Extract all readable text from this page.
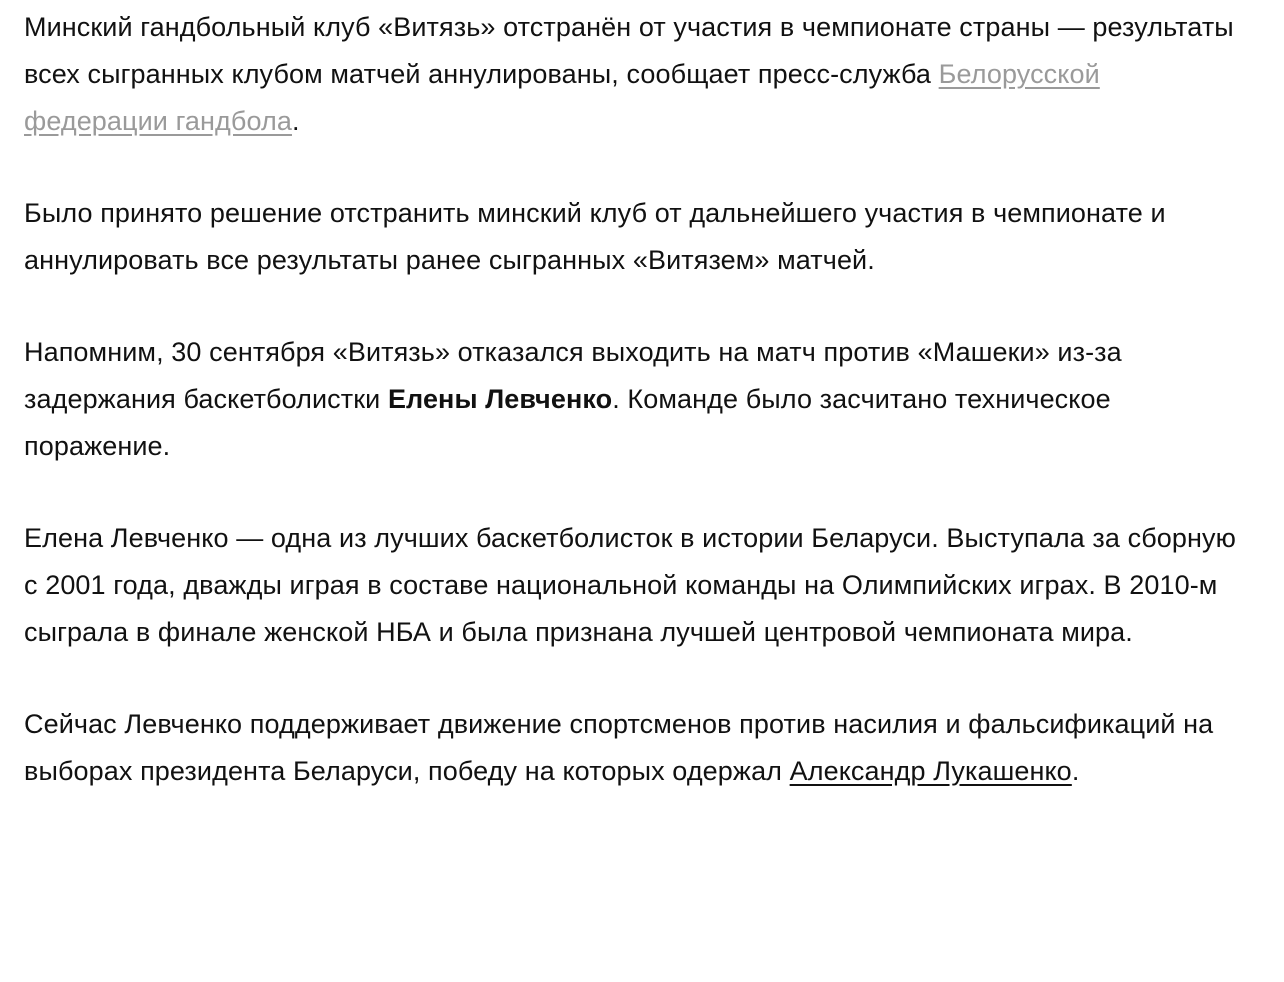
Минский гандбольный клуб «Витязь» отстранён от участия в чемпионате страны — результаты всех сыгранных клубом матчей аннулированы, сообщает пресс-служба Белорусской федерации гандбола.

Было принято решение отстранить минский клуб от дальнейшего участия в чемпионате и аннулировать все результаты ранее сыгранных «Витязем» матчей.

Напомним, 30 сентября «Витязь» отказался выходить на матч против «Машеки» из-за задержания баскетболистки Елены Левченко. Команде было засчитано техническое поражение.

Елена Левченко — одна из лучших баскетболисток в истории Беларуси. Выступала за сборную с 2001 года, дважды играя в составе национальной команды на Олимпийских играх. В 2010-м сыграла в финале женской НБА и была признана лучшей центровой чемпионата мира.

Сейчас Левченко поддерживает движение спортсменов против насилия и фальсификаций на выборах президента Беларуси, победу на которых одержал Александр Лукашенко.
